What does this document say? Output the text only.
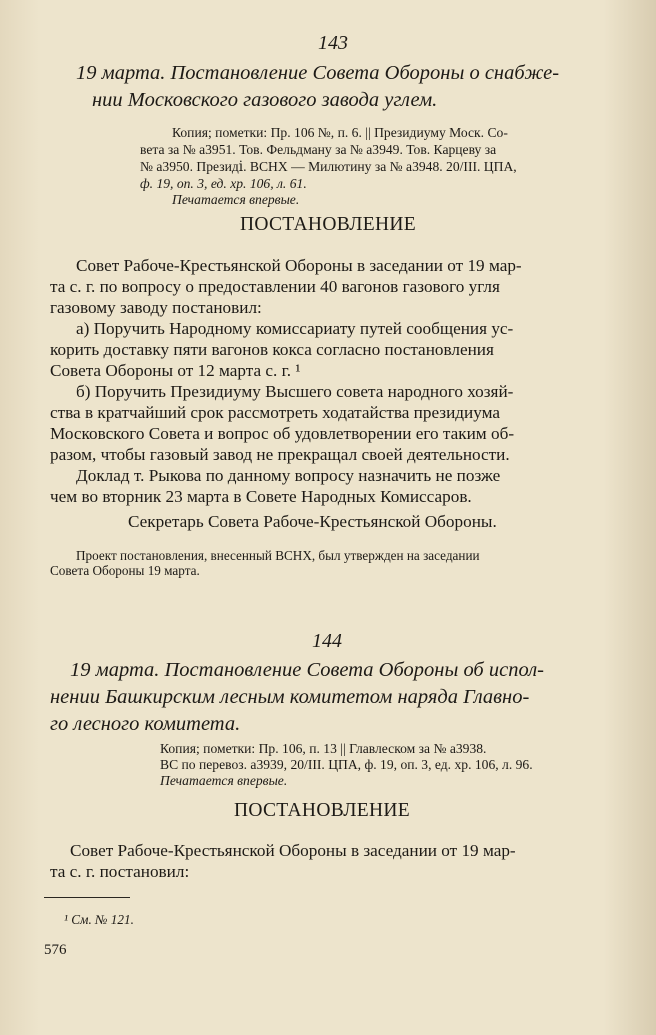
143
19 марта. Постановление Совета Обороны о снабже-
нии Московского газового завода углем.
Копия; пометки: Пр. 106 №, п. 6. || Президиуму Моск. Со-
вета за № а3951. Тов. Фельдману за № а3949. Тов. Карцеву за
№ а3950. Президⅰ. ВСНХ — Милютину за № а3948. 20/III. ЦПА,
ф. 19, оп. 3, ед. хр. 106, л. 61.
Печатается впервые.
ПОСТАНОВЛЕНИЕ
Совет Рабоче-Крестьянской Обороны в заседании от 19 мар-
та с. г. по вопросу о предоставлении 40 вагонов газового угля
газовому заводу постановил:
а) Поручить Народному комиссариату путей сообщения ус-
корить доставку пяти вагонов кокса согласно постановления
Совета Обороны от 12 марта с. г. ¹
б) Поручить Президиуму Высшего совета народного хозяй-
ства в кратчайший срок рассмотреть ходатайства президиума
Московского Совета и вопрос об удовлетворении его таким об-
разом, чтобы газовый завод не прекращал своей деятельности.
Доклад т. Рыкова по данному вопросу назначить не позже
чем во вторник 23 марта в Совете Народных Комиссаров.
Секретарь Совета Рабоче-Крестьянской Обороны.
Проект постановления, внесенный ВСНХ, был утвержден на заседании
Совета Обороны 19 марта.
144
19 марта. Постановление Совета Обороны об испол-
нении Башкирским лесным комитетом наряда Главно-
го лесного комитета.
Копия; пометки: Пр. 106, п. 13 || Главлеском за № а3938.
ВС по перевоз. а3939, 20/III. ЦПА, ф. 19, оп. 3, ед. хр. 106, л. 96.
Печатается впервые.
ПОСТАНОВЛЕНИЕ
Совет Рабоче-Крестьянской Обороны в заседании от 19 мар-
та с. г. постановил:
¹ См. № 121.
576
